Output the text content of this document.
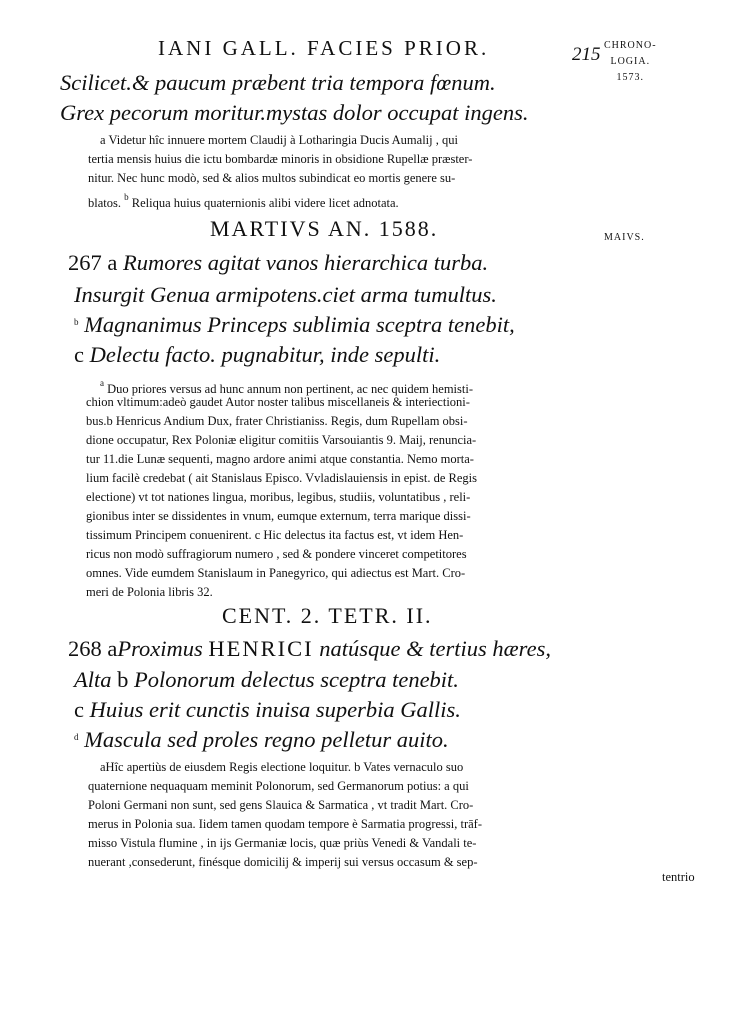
IANI GALL. FACIES PRIOR.	215 CHRONO-
LOGIA.
1573.
Scilicet.& paucum præbent tria tempora fœnum.
Grex pecorum moritur.mystas dolor occupat ingens.
a Videtur hîc innuere mortem Claudij à Lotharingia Ducis Aumalij , qui
tertia mensis huius die ictu bombardæ minoris in obsidione Rupellæ præster-
nitur. Nec hunc modò, sed & alios multos subindicat eo mortis genere su-
blatos. $^b$ Reliqua huius quaternionis alibi videre licet adnotata.
MARTIVS AN. 1588.	MAIVS.
267 a Rumores agitat vanos hierarchica turba.
Insurgit Genua armipotens.ciet arma tumultus.
$^b$ Magnanimus Princeps sublimia sceptra tenebit,
c Delectu facto. pugnabitur, inde sepulti.
$^a$ Duo priores versus ad hunc annum non pertinent, ac nec quidem hemisti-
chion vltimum:adeò gaudet Autor noster talibus miscellaneis & interiectioni-
bus.b Henricus Andium Dux, frater Christianiss. Regis, dum Rupellam obsi-
dione occupatur, Rex Poloniæ eligitur comitiis Varsouiantis 9. Maij, renuncia-
tur 11.die Lunæ sequenti, magno ardore animi atque constantia. Nemo morta-
lium facilè credebat ( ait Stanislaus Episco. Vvladislauiensis in epist. de Regis
electione) vt tot nationes lingua, moribus, legibus, studiis, voluntatibus , reli-
gionibus inter se dissidentes in vnum, eumque externum, terra marique dissi-
tissimum Principem conuenirent. c Hic delectus ita factus est, vt idem Hen-
ricus non modò suffragiorum numero , sed & pondere vinceret competitores
omnes. Vide eumdem Stanislaum in Panegyrico, qui adiectus est Mart. Cro-
meri de Polonia libris 32.
CENT. 2. TETR. II.
268 aProximus HENRICI natúsque & tertius hæres,
Alta b Polonorum delectus sceptra tenebit.
c Huius erit cunctis inuisa superbia Gallis.
$^d$ Mascula sed proles regno pelletur auito.
aHîc apertiùs de eiusdem Regis electione loquitur. b Vates vernaculo suo
quaternione nequaquam meminit Polonorum, sed Germanorum potius: a qui
Poloni Germani non sunt, sed gens Slauica & Sarmatica , vt tradit Mart. Cro-
merus in Polonia sua. Iidem tamen quodam tempore è Sarmatia progressi, trāf-
misso Vistula flumine , in ijs Germaniæ locis, quæ priùs Venedi & Vandali te-
nuerant ,consederunt, finésque domicilij & imperij sui versus occasum & sep-
tentrio
